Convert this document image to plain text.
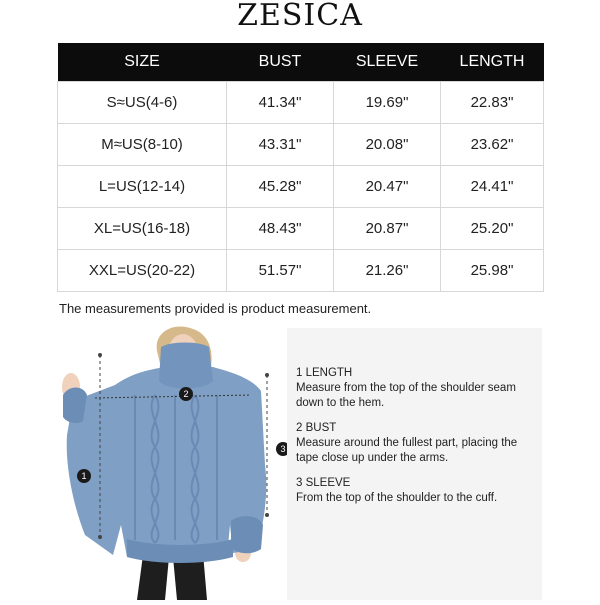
ZESICA
SIZE	BUST	SLEEVE	LENGTH
S≈US(4-6)	41.34"	19.69"	22.83"
M≈US(8-10)	43.31"	20.08"	23.62"
L=US(12-14)	45.28"	20.47"	24.41"
XL=US(16-18)	48.43"	20.87"	25.20"
XXL=US(20-22)	51.57"	21.26"	25.98"
The measurements provided is product measurement.
1
2
3
1 LENGTH
Measure from the top of the shoulder seam down to the hem.
2 BUST
Measure around the fullest part, placing the tape close up under the arms.
3 SLEEVE
From the top of the shoulder to the cuff.
